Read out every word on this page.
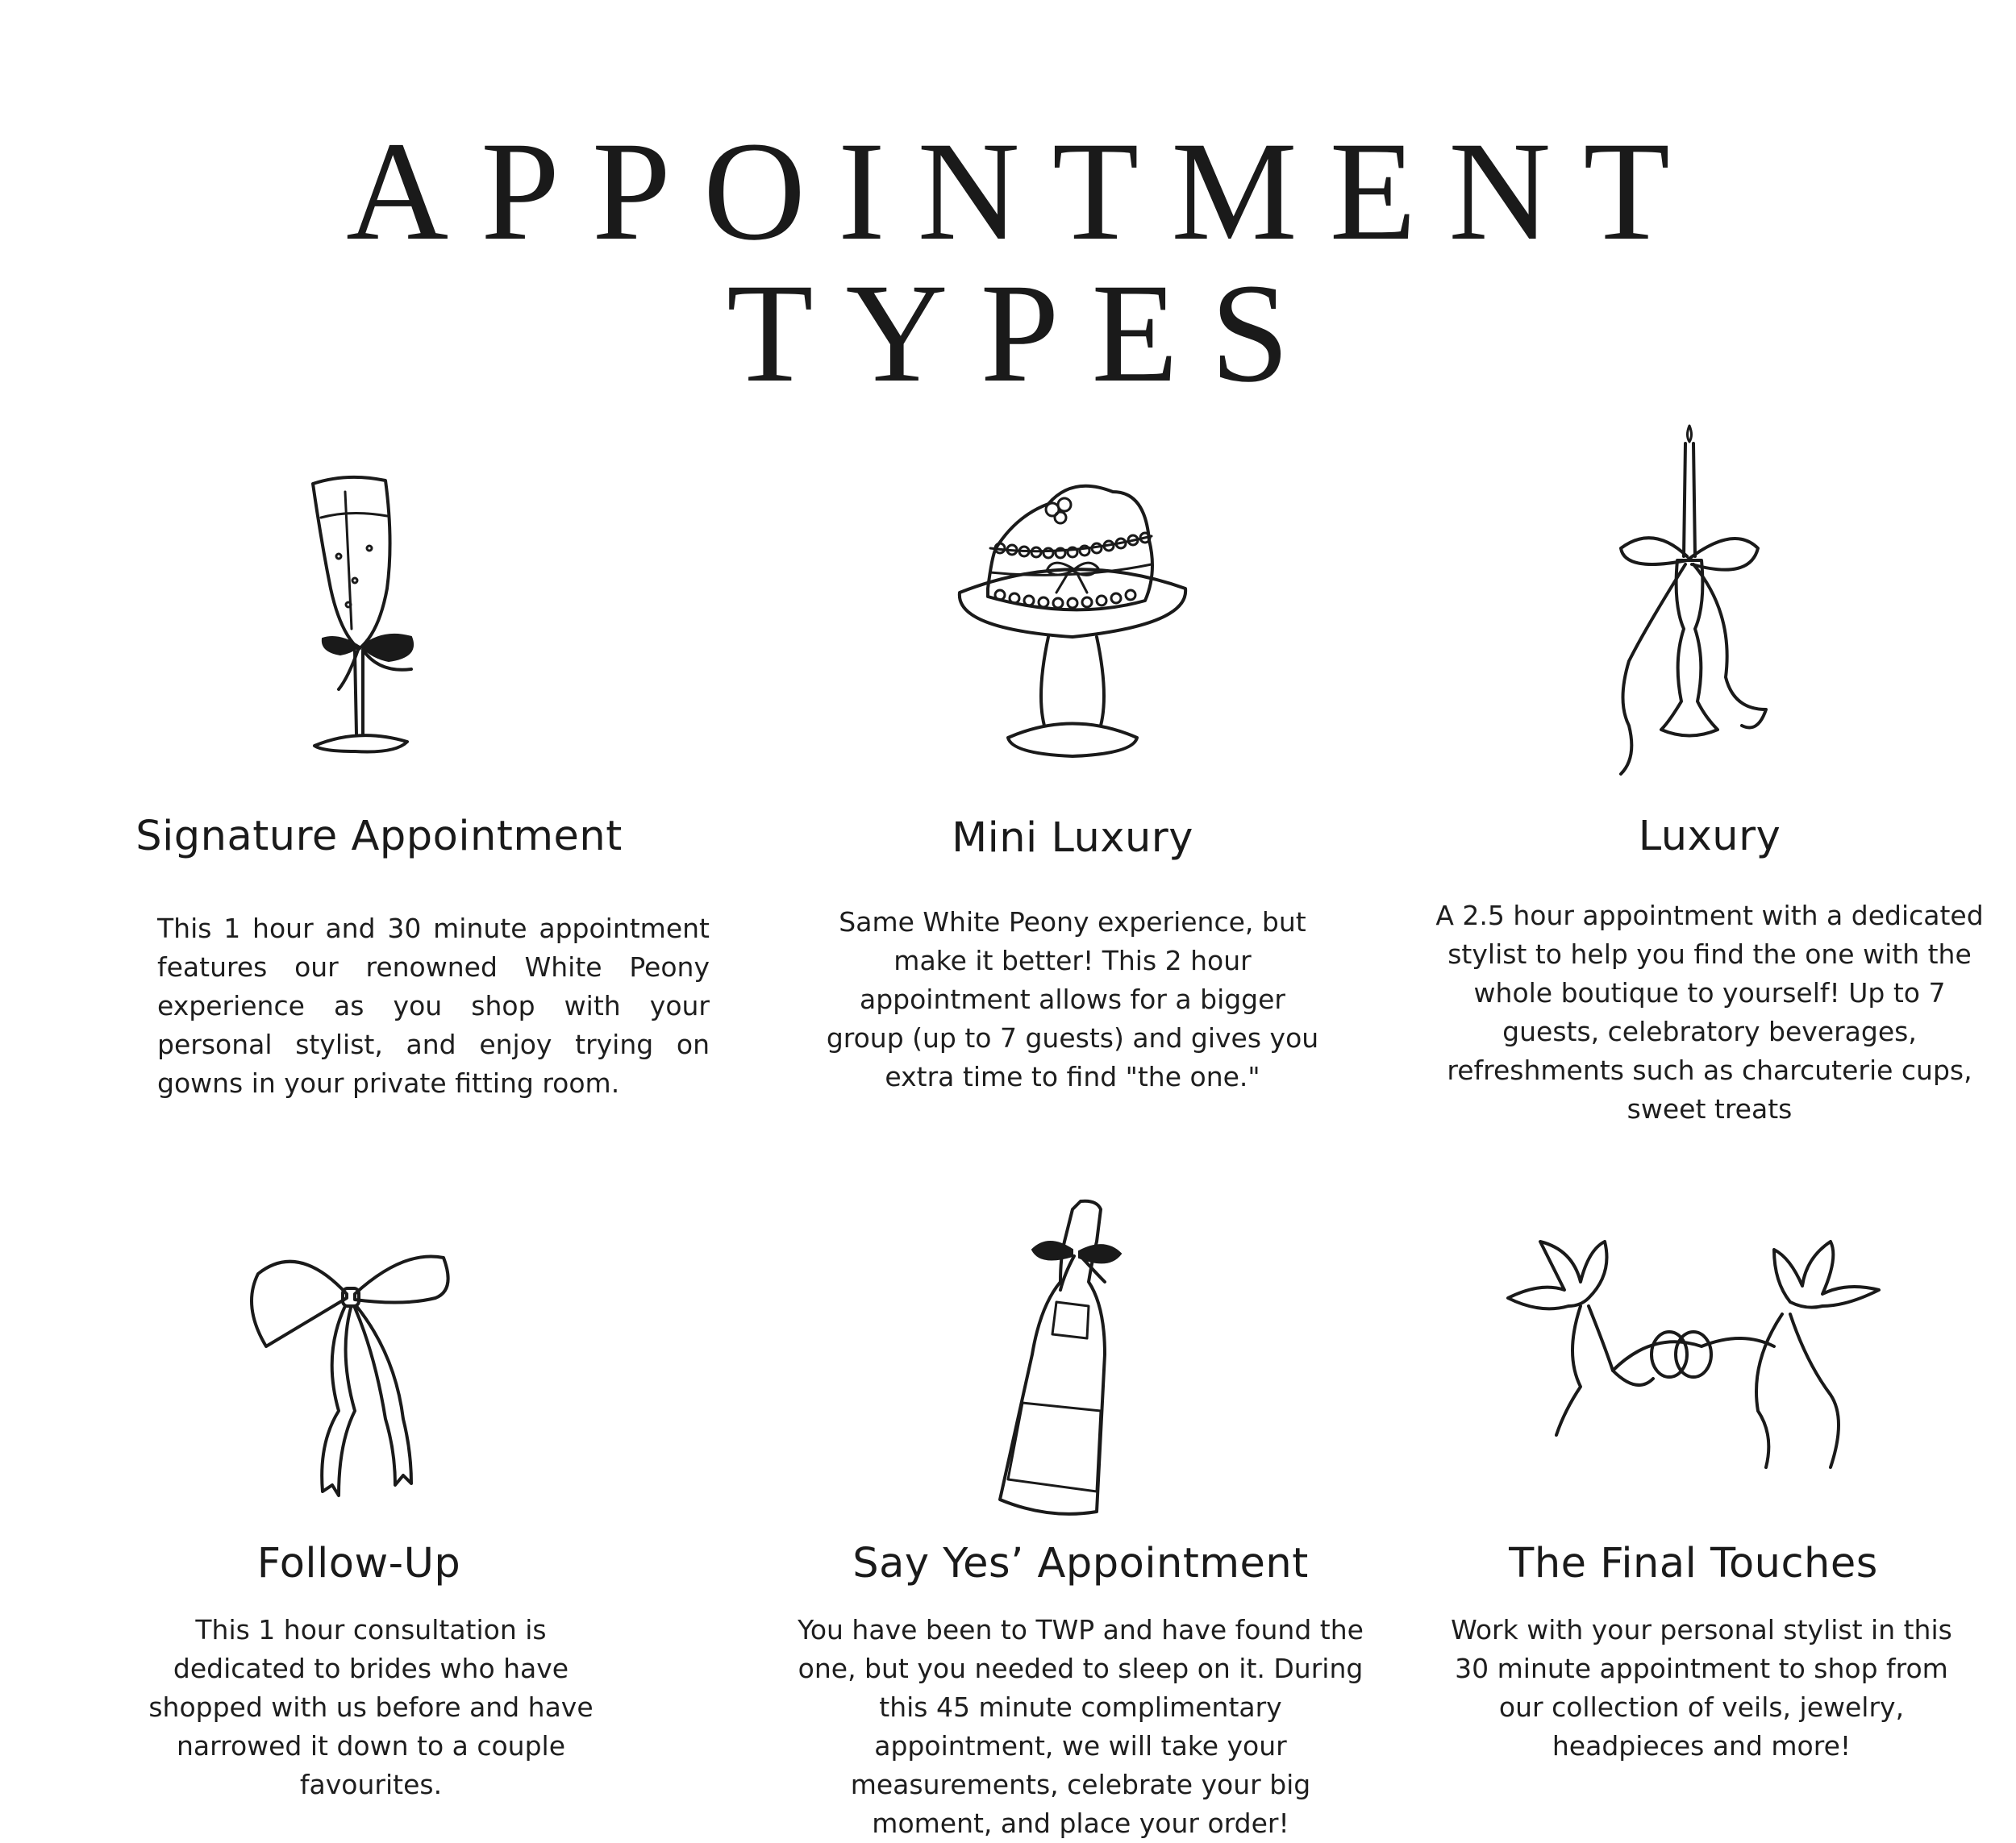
APPOINTMENT TYPES
Signature Appointment

This 1 hour and 30 minute appointment features our renowned White Peony experience as you shop with your personal stylist, and enjoy trying on gowns in your private fitting room.

Mini Luxury

Same White Peony experience, but make it better! This 2 hour appointment allows for a bigger group (up to 7 guests) and gives you extra time to find "the one."

Luxury

A 2.5 hour appointment with a dedicated stylist to help you find the one with the whole boutique to yourself! Up to 7 guests, celebratory beverages, refreshments such as charcuterie cups, sweet treats

Follow-Up

This 1 hour consultation is dedicated to brides who have shopped with us before and have narrowed it down to a couple favourites.

Say Yes’ Appointment

You have been to TWP and have found the one, but you needed to sleep on it. During this 45 minute complimentary appointment, we will take your measurements, celebrate your big moment, and place your order!

The Final Touches

Work with your personal stylist in this 30 minute appointment to shop from our collection of veils, jewelry, headpieces and more!
